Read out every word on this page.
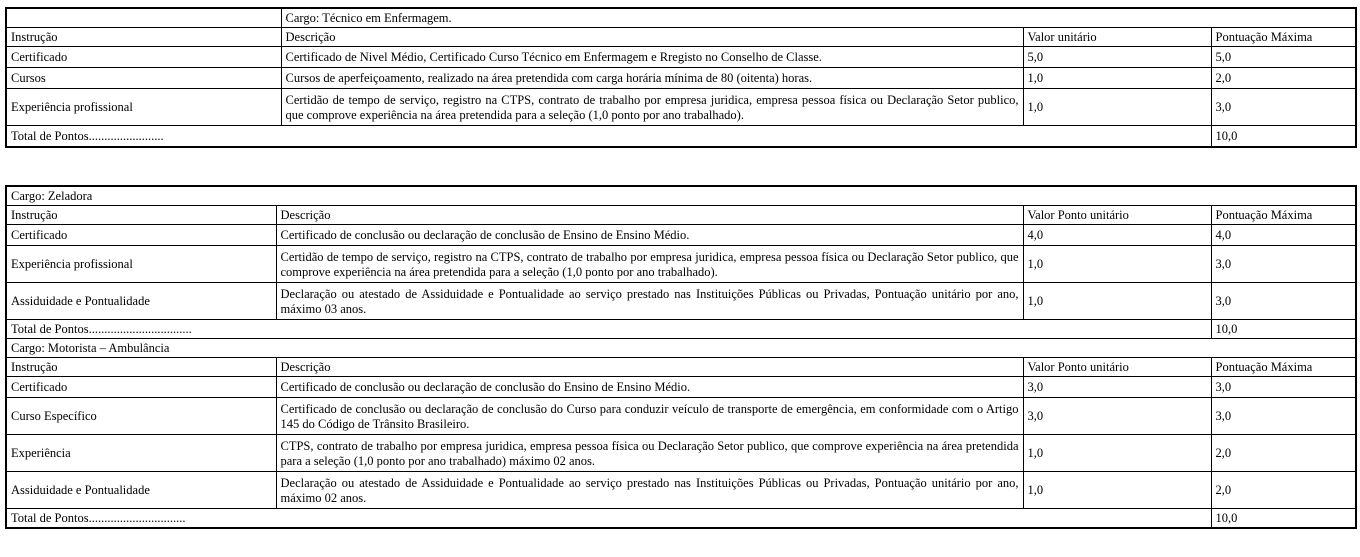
	Cargo: Técnico em Enfermagem.		
Instrução	Descrição	Valor unitário	Pontuação Máxima
Certificado	Certificado de Nivel Médio, Certificado Curso Técnico em Enfermagem e Rregisto no Conselho de Classe.	5,0	5,0
Cursos	Cursos de aperfeiçoamento, realizado na área pretendida com carga horária mínima de 80 (oitenta) horas.	1,0	2,0
Experiência profissional	Certidão de tempo de serviço, registro na CTPS, contrato de trabalho por empresa juridica, empresa pessoa física ou Declaração Setor publico, que comprove experiência na área pretendida para a seleção (1,0 ponto por ano trabalhado).	1,0	3,0
Total de Pontos........................			10,0
Cargo: Zeladora			
Instrução	Descrição	Valor Ponto unitário	Pontuação Máxima
Certificado	Certificado de conclusão ou declaração de conclusão de Ensino de Ensino Médio.	4,0	4,0
Experiência profissional	Certidão de tempo de serviço, registro na CTPS, contrato de trabalho por empresa juridica, empresa pessoa física ou Declaração Setor publico, que comprove experiência na área pretendida para a seleção (1,0 ponto por ano trabalhado).	1,0	3,0
Assiduidade e Pontualidade	Declaração ou atestado de Assiduidade e Pontualidade ao serviço prestado nas Instituições Públicas ou Privadas, Pontuação unitário por ano, máximo 03 anos.	1,0	3,0
Total de Pontos.................................			10,0
Cargo: Motorista – Ambulância			
Instrução	Descrição	Valor Ponto unitário	Pontuação Máxima
Certificado	Certificado de conclusão ou declaração de conclusão do Ensino de Ensino Médio.	3,0	3,0
Curso Específico	Certificado de conclusão ou declaração de conclusão do Curso para conduzir veículo de transporte de emergência, em conformidade com o Artigo 145 do Código de Trânsito Brasileiro.	3,0	3,0
Experiência	CTPS, contrato de trabalho por empresa juridica, empresa pessoa física ou Declaração Setor publico, que comprove experiência na área pretendida para a seleção (1,0 ponto por ano trabalhado) máximo 02 anos.	1,0	2,0
Assiduidade e Pontualidade	Declaração ou atestado de Assiduidade e Pontualidade ao serviço prestado nas Instituições Públicas ou Privadas, Pontuação unitário por ano, máximo 02 anos.	1,0	2,0
Total de Pontos...............................			10,0
